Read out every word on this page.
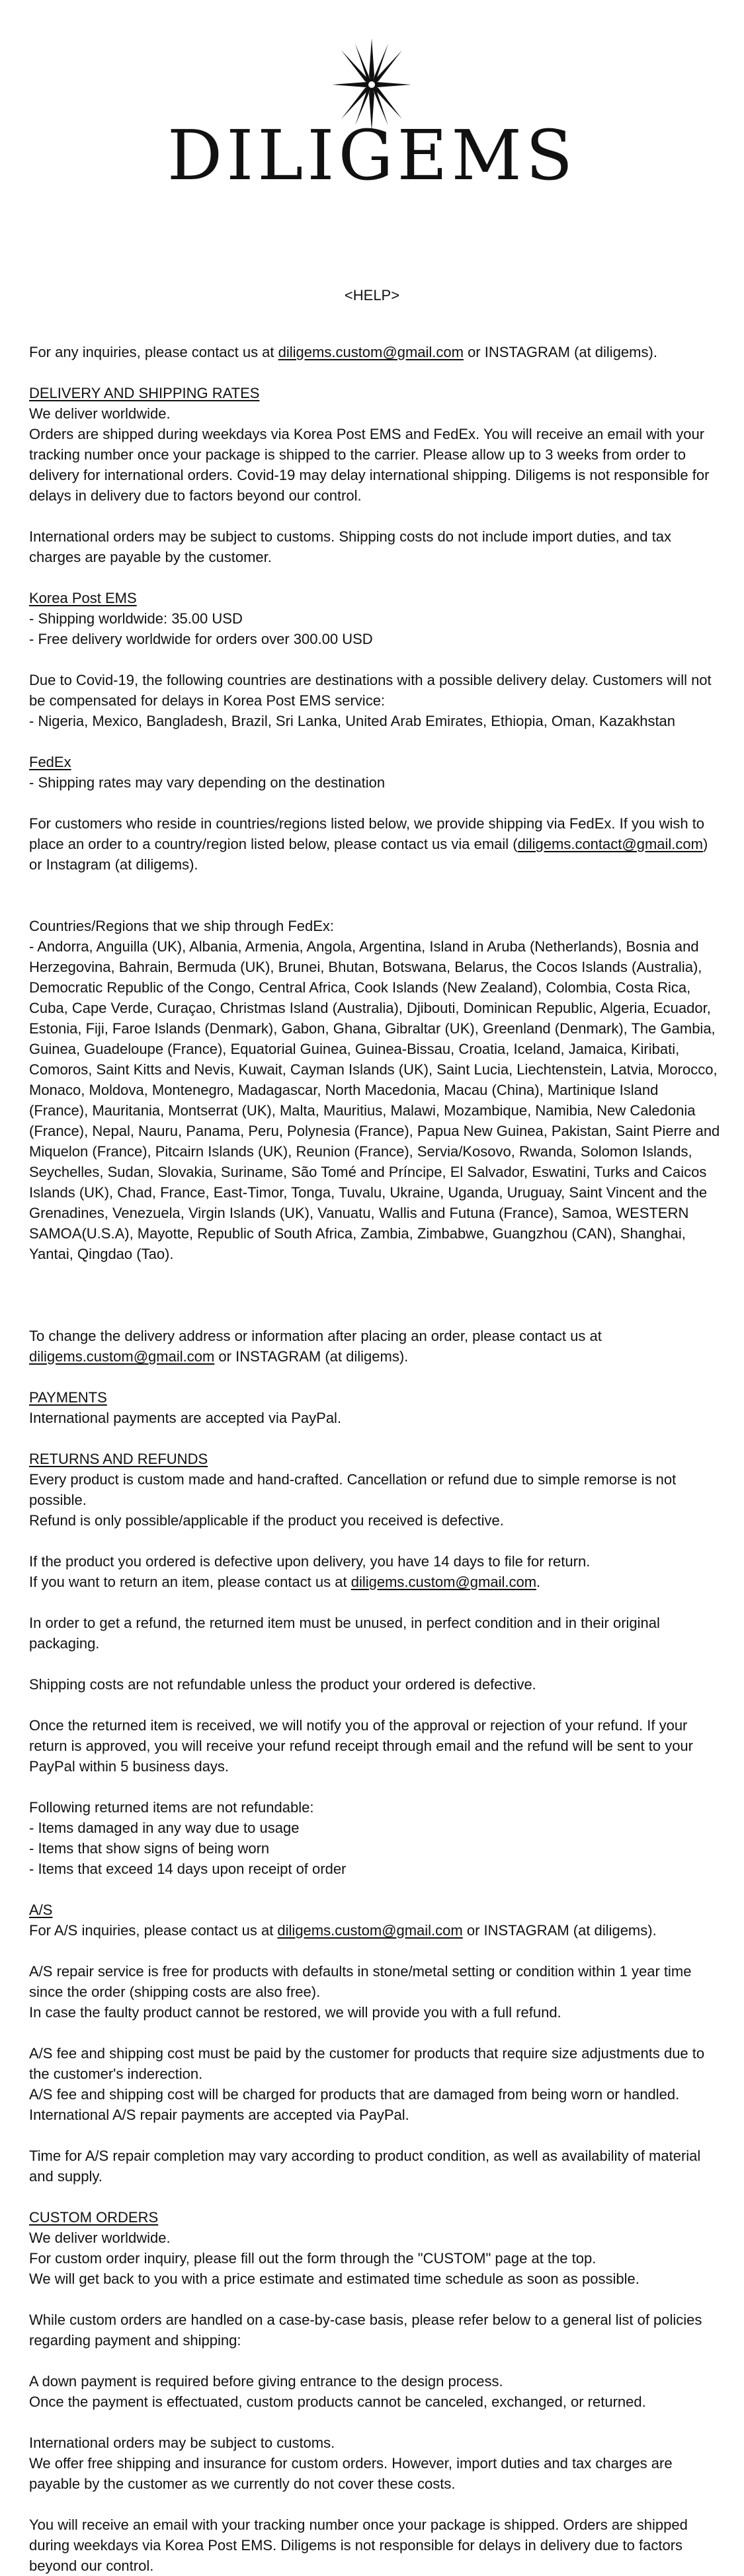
DILIGEMS
<HELP>

For any inquiries, please contact us at diligems.custom@gmail.com or INSTAGRAM (at diligems).

DELIVERY AND SHIPPING RATES
We deliver worldwide.
Orders are shipped during weekdays via Korea Post EMS and FedEx. You will receive an email with your tracking number once your package is shipped to the carrier. Please allow up to 3 weeks from order to delivery for international orders. Covid-19 may delay international shipping. Diligems is not responsible for delays in delivery due to factors beyond our control.
International orders may be subject to customs. Shipping costs do not include import duties, and tax charges are payable by the customer.
Korea Post EMS
- Shipping worldwide: 35.00 USD
- Free delivery worldwide for orders over 300.00 USD
Due to Covid-19, the following countries are destinations with a possible delivery delay. Customers will not be compensated for delays in Korea Post EMS service:
- Nigeria, Mexico, Bangladesh, Brazil, Sri Lanka, United Arab Emirates, Ethiopia, Oman, Kazakhstan
FedEx
- Shipping rates may vary depending on the destination
For customers who reside in countries/regions listed below, we provide shipping via FedEx. If you wish to place an order to a country/region listed below, please contact us via email (diligems.contact@gmail.com) or Instagram (at diligems).
Countries/Regions that we ship through FedEx:
- Andorra, Anguilla (UK), Albania, Armenia, Angola, Argentina, Island in Aruba (Netherlands), Bosnia and Herzegovina, Bahrain, Bermuda (UK), Brunei, Bhutan, Botswana, Belarus, the Cocos Islands (Australia), Democratic Republic of the Congo, Central Africa, Cook Islands (New Zealand), Colombia, Costa Rica, Cuba, Cape Verde, Curaçao, Christmas Island (Australia), Djibouti, Dominican Republic, Algeria, Ecuador, Estonia, Fiji, Faroe Islands (Denmark), Gabon, Ghana, Gibraltar (UK), Greenland (Denmark), The Gambia, Guinea, Guadeloupe (France), Equatorial Guinea, Guinea-Bissau, Croatia, Iceland, Jamaica, Kiribati, Comoros, Saint Kitts and Nevis, Kuwait, Cayman Islands (UK), Saint Lucia, Liechtenstein, Latvia, Morocco, Monaco, Moldova, Montenegro, Madagascar, North Macedonia, Macau (China), Martinique Island (France), Mauritania, Montserrat (UK), Malta, Mauritius, Malawi, Mozambique, Namibia, New Caledonia (France), Nepal, Nauru, Panama, Peru, Polynesia (France), Papua New Guinea, Pakistan, Saint Pierre and Miquelon (France), Pitcairn Islands (UK), Reunion (France), Servia/Kosovo, Rwanda, Solomon Islands, Seychelles, Sudan, Slovakia, Suriname, São Tomé and Príncipe, El Salvador, Eswatini, Turks and Caicos Islands (UK), Chad, France, East-Timor, Tonga, Tuvalu, Ukraine, Uganda, Uruguay, Saint Vincent and the Grenadines, Venezuela, Virgin Islands (UK), Vanuatu, Wallis and Futuna (France), Samoa, WESTERN SAMOA(U.S.A), Mayotte, Republic of South Africa, Zambia, Zimbabwe, Guangzhou (CAN), Shanghai, Yantai, Qingdao (Tao).
To change the delivery address or information after placing an order, please contact us at diligems.custom@gmail.com or INSTAGRAM (at diligems).
PAYMENTS
International payments are accepted via PayPal.
RETURNS AND REFUNDS
Every product is custom made and hand-crafted. Cancellation or refund due to simple remorse is not possible.
Refund is only possible/applicable if the product you received is defective.
If the product you ordered is defective upon delivery, you have 14 days to file for return.
If you want to return an item, please contact us at diligems.custom@gmail.com.
In order to get a refund, the returned item must be unused, in perfect condition and in their original packaging.
Shipping costs are not refundable unless the product your ordered is defective.
Once the returned item is received, we will notify you of the approval or rejection of your refund. If your return is approved, you will receive your refund receipt through email and the refund will be sent to your PayPal within 5 business days.
Following returned items are not refundable:
- Items damaged in any way due to usage
- Items that show signs of being worn
- Items that exceed 14 days upon receipt of order
A/S
For A/S inquiries, please contact us at diligems.custom@gmail.com or INSTAGRAM (at diligems).
A/S repair service is free for products with defaults in stone/metal setting or condition within 1 year time since the order (shipping costs are also free).
In case the faulty product cannot be restored, we will provide you with a full refund.
A/S fee and shipping cost must be paid by the customer for products that require size adjustments due to the customer's inderection.
A/S fee and shipping cost will be charged for products that are damaged from being worn or handled.
International A/S repair payments are accepted via PayPal.
Time for A/S repair completion may vary according to product condition, as well as availability of material and supply.
CUSTOM ORDERS
We deliver worldwide.
For custom order inquiry, please fill out the form through the "CUSTOM" page at the top.
We will get back to you with a price estimate and estimated time schedule as soon as possible.
While custom orders are handled on a case-by-case basis, please refer below to a general list of policies regarding payment and shipping:
A down payment is required before giving entrance to the design process.
Once the payment is effectuated, custom products cannot be canceled, exchanged, or returned.
International orders may be subject to customs.
We offer free shipping and insurance for custom orders. However, import duties and tax charges are payable by the customer as we currently do not cover these costs.
You will receive an email with your tracking number once your package is shipped. Orders are shipped during weekdays via Korea Post EMS. Diligems is not responsible for delays in delivery due to factors beyond our control.
